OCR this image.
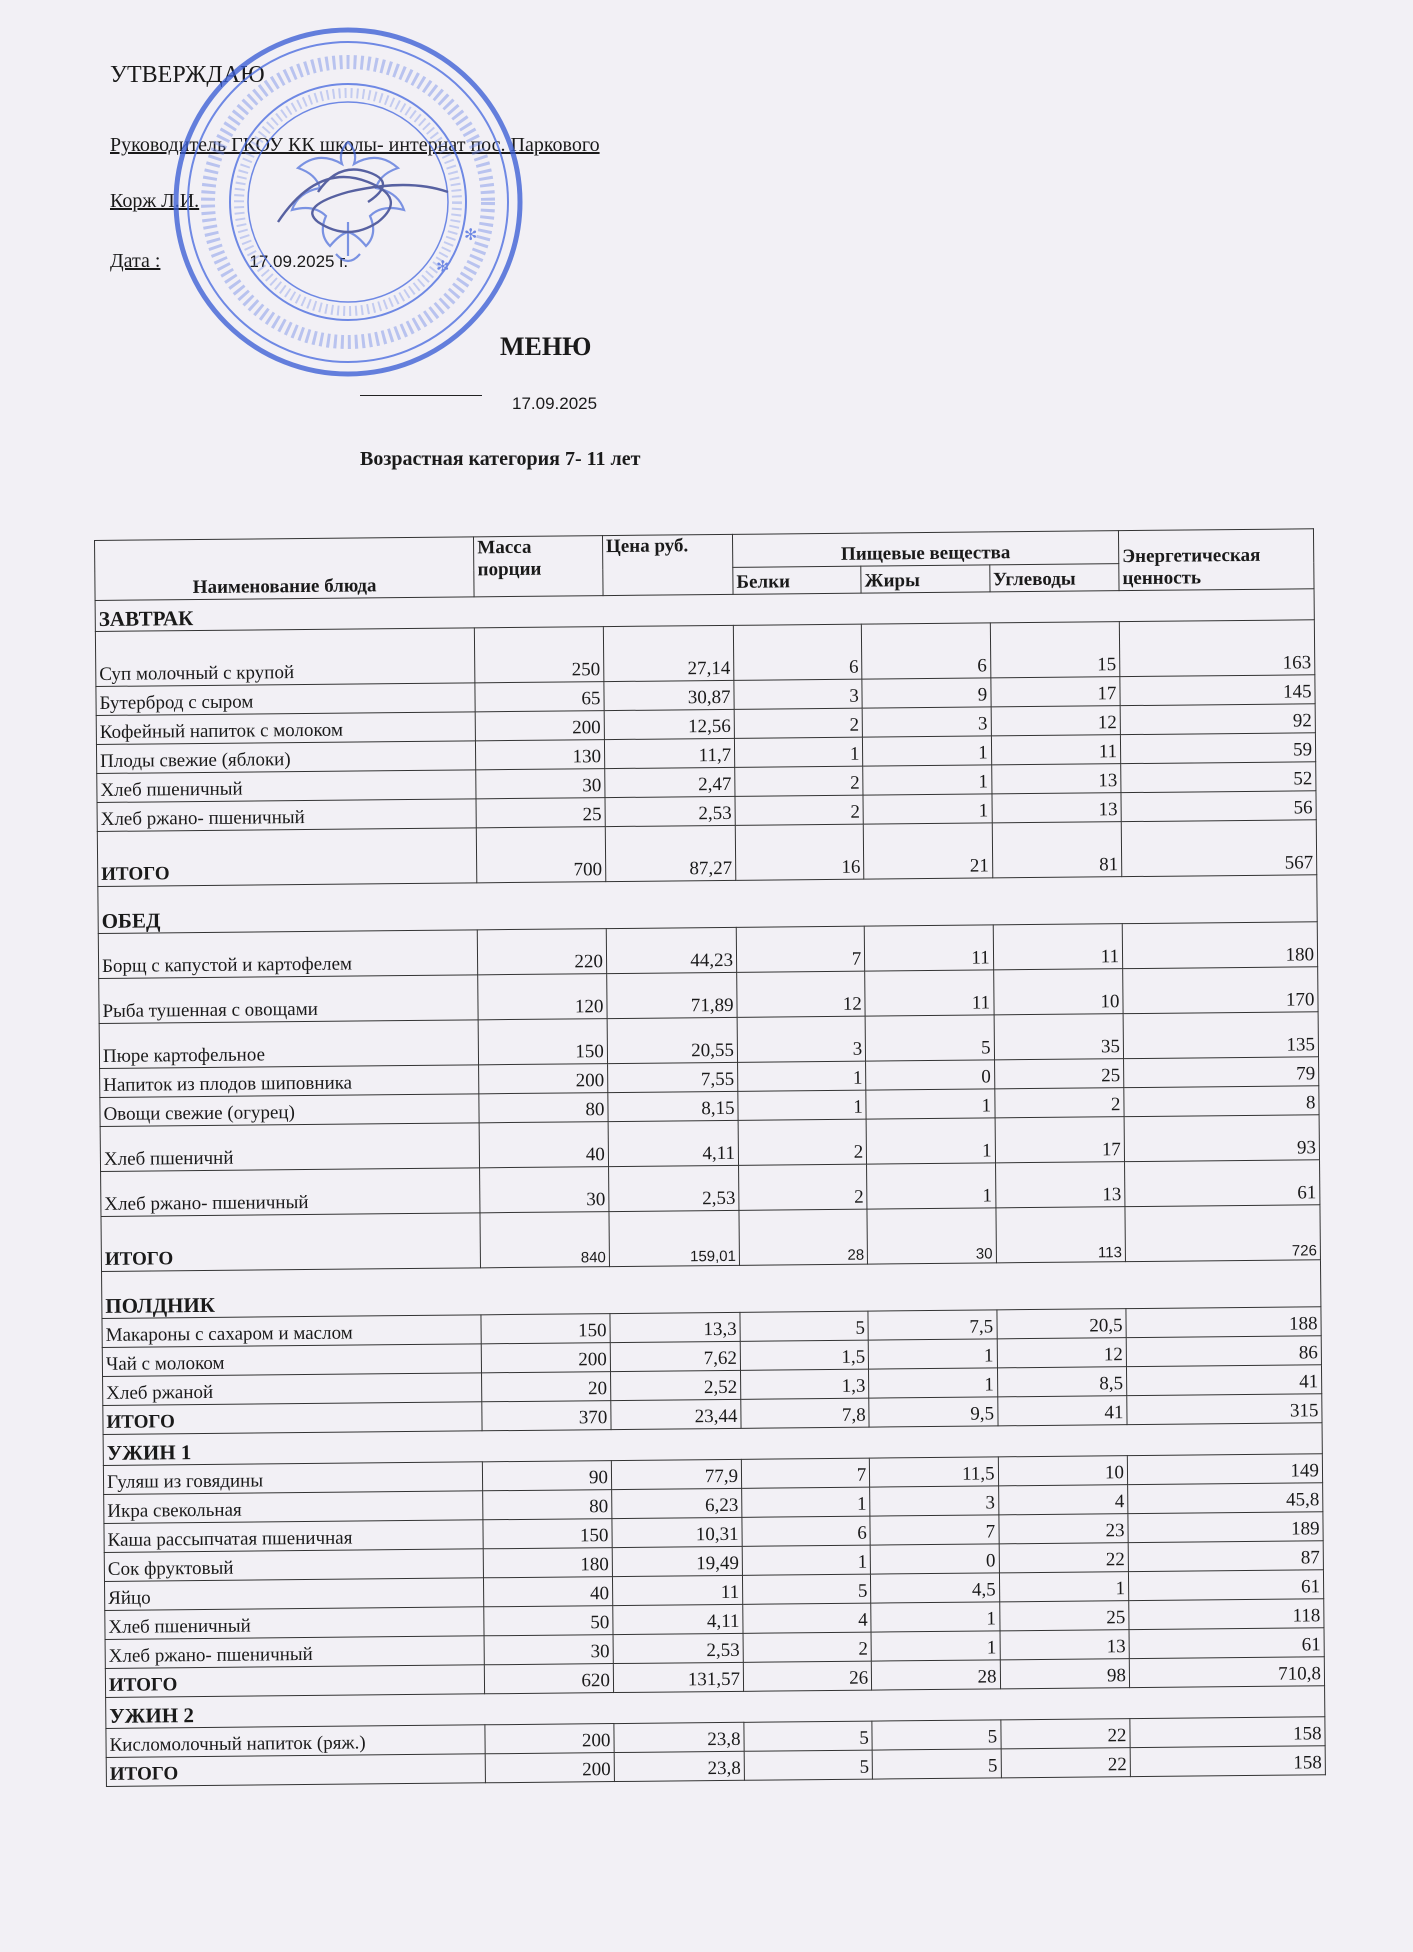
УТВЕРЖДАЮ
Руководитель ГКОУ КК школы- интернат пос. Паркового
Корж Л.И.
Дата :	17.09.2025 г.	✻
✻
МЕНЮ
17.09.2025
Возрастная категория 7- 11 лет
Наименование блюда	Масса порции	Цена руб.	Пищевые вещества			Энергетическая ценность
			Белки	Жиры	Углеводы	
ЗАВТРАК						
Суп молочный с крупой	250	27,14	6	6	15	163
Бутерброд с сыром	65	30,87	3	9	17	145
Кофейный напиток с молоком	200	12,56	2	3	12	92
Плоды свежие (яблоки)	130	11,7	1	1	11	59
Хлеб пшеничный	30	2,47	2	1	13	52
Хлеб ржано- пшеничный	25	2,53	2	1	13	56
ИТОГО	700	87,27	16	21	81	567
ОБЕД						
Борщ с капустой и картофелем	220	44,23	7	11	11	180
Рыба тушенная с овощами	120	71,89	12	11	10	170
Пюре картофельное	150	20,55	3	5	35	135
Напиток из плодов шиповника	200	7,55	1	0	25	79
Овощи свежие (огурец)	80	8,15	1	1	2	8
Хлеб пшеничнй	40	4,11	2	1	17	93
Хлеб ржано- пшеничный	30	2,53	2	1	13	61
ИТОГО	840	159,01	28	30	113	726
ПОЛДНИК						
Макароны с сахаром и маслом	150	13,3	5	7,5	20,5	188
Чай с молоком	200	7,62	1,5	1	12	86
Хлеб ржаной	20	2,52	1,3	1	8,5	41
ИТОГО	370	23,44	7,8	9,5	41	315
УЖИН 1						
Гуляш из говядины	90	77,9	7	11,5	10	149
Икра свекольная	80	6,23	1	3	4	45,8
Каша рассыпчатая пшеничная	150	10,31	6	7	23	189
Сок фруктовый	180	19,49	1	0	22	87
Яйцо	40	11	5	4,5	1	61
Хлеб пшеничный	50	4,11	4	1	25	118
Хлеб ржано- пшеничный	30	2,53	2	1	13	61
ИТОГО	620	131,57	26	28	98	710,8
УЖИН 2						
Кисломолочный напиток (ряж.)	200	23,8	5	5	22	158
ИТОГО	200	23,8	5	5	22	158
